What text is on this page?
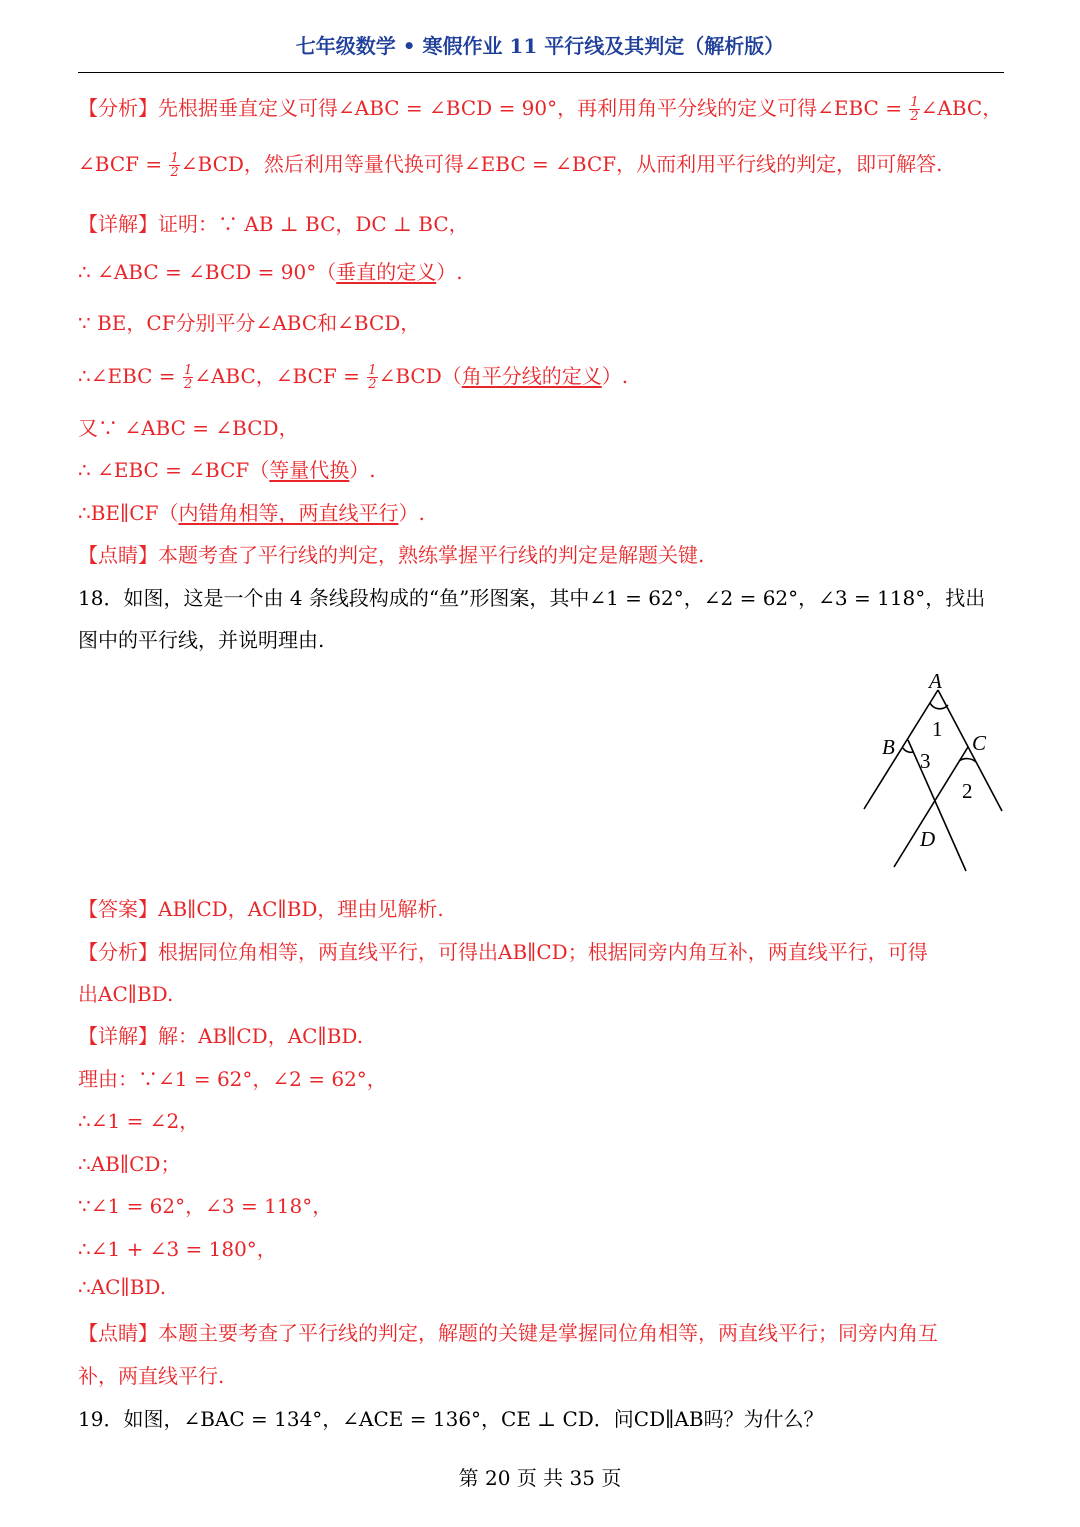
七年级数学 • 寒假作业 11 平行线及其判定（解析版）
【分析】先根据垂直定义可得∠ABC = ∠BCD = 90°，再利用角平分线的定义可得∠EBC = $\frac{1}{2}$ ∠ABC，
∠BCF = $\frac{1}{2}$ ∠BCD，然后利用等量代换可得∠EBC = ∠BCF，从而利用平行线的判定，即可解答.
【详解】证明：∵ AB ⊥ BC，DC ⊥ BC，
∴ ∠ABC = ∠BCD = 90°（垂直的定义）.
∵ BE，CF分别平分∠ABC和∠BCD，
∴∠EBC = $\frac{1}{2}$ ∠ABC，∠BCF = $\frac{1}{2}$ ∠BCD（角平分线的定义）.
又∵ ∠ABC = ∠BCD，
∴ ∠EBC = ∠BCF（等量代换）.
∴BE∥CF（内错角相等，两直线平行）.
【点睛】本题考查了平行线的判定，熟练掌握平行线的判定是解题关键.
18．如图，这是一个由 4 条线段构成的“鱼”形图案，其中∠1 = 62°，∠2 = 62°，∠3 = 118°，找出
图中的平行线，并说明理由.
A
B	C
D
1
3
2
【答案】AB∥CD，AC∥BD，理由见解析.
【分析】根据同位角相等，两直线平行，可得出AB∥CD；根据同旁内角互补，两直线平行，可得
出AC∥BD.
【详解】解：AB∥CD，AC∥BD.
理由：∵∠1 = 62°，∠2 = 62°，
∴∠1 = ∠2，
∴AB∥CD；
∵∠1 = 62°，∠3 = 118°，
∴∠1 + ∠3 = 180°，
∴AC∥BD.
【点睛】本题主要考查了平行线的判定，解题的关键是掌握同位角相等，两直线平行；同旁内角互
补，两直线平行.
19．如图，∠BAC = 134°，∠ACE = 136°，CE ⊥ CD．问CD∥AB吗？为什么？
第 20 页 共 35 页
